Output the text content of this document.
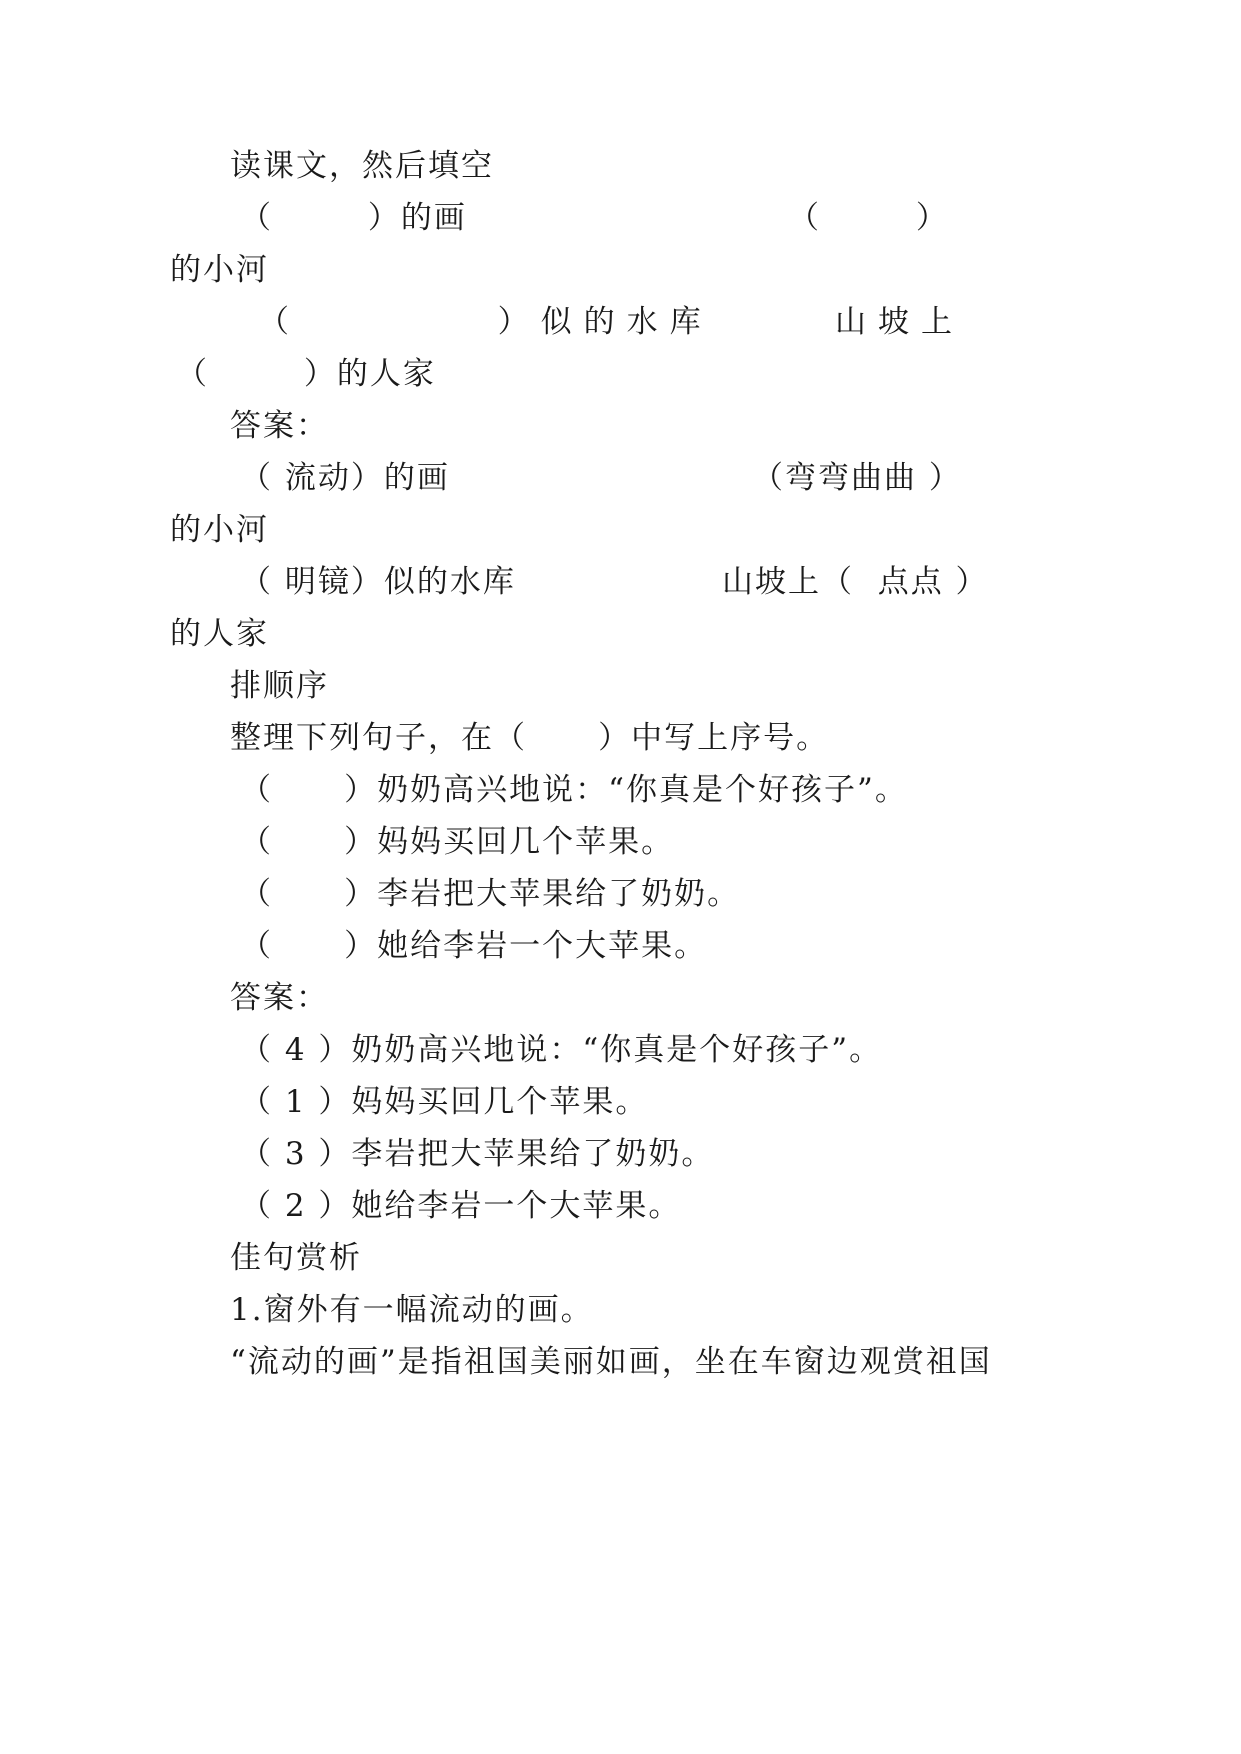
读课文，然后填空
（        ）的画	（        ）
的小河
（         ）似的水库	山坡上
（        ）的人家
答案：
（ 流动）的画	（弯弯曲曲 ）
的小河
（ 明镜）似的水库	山坡上（  点点 ）
的人家
排顺序
整理下列句子，在（      ）中写上序号。
（      ）奶奶高兴地说：“你真是个好孩子”。
（      ）妈妈买回几个苹果。
（      ）李岩把大苹果给了奶奶。
（      ）她给李岩一个大苹果。
答案：
（ 4 ）奶奶高兴地说：“你真是个好孩子”。
（ 1 ）妈妈买回几个苹果。
（ 3 ）李岩把大苹果给了奶奶。
（ 2 ）她给李岩一个大苹果。
佳句赏析
1.窗外有一幅流动的画。
“流动的画”是指祖国美丽如画，坐在车窗边观赏祖国
